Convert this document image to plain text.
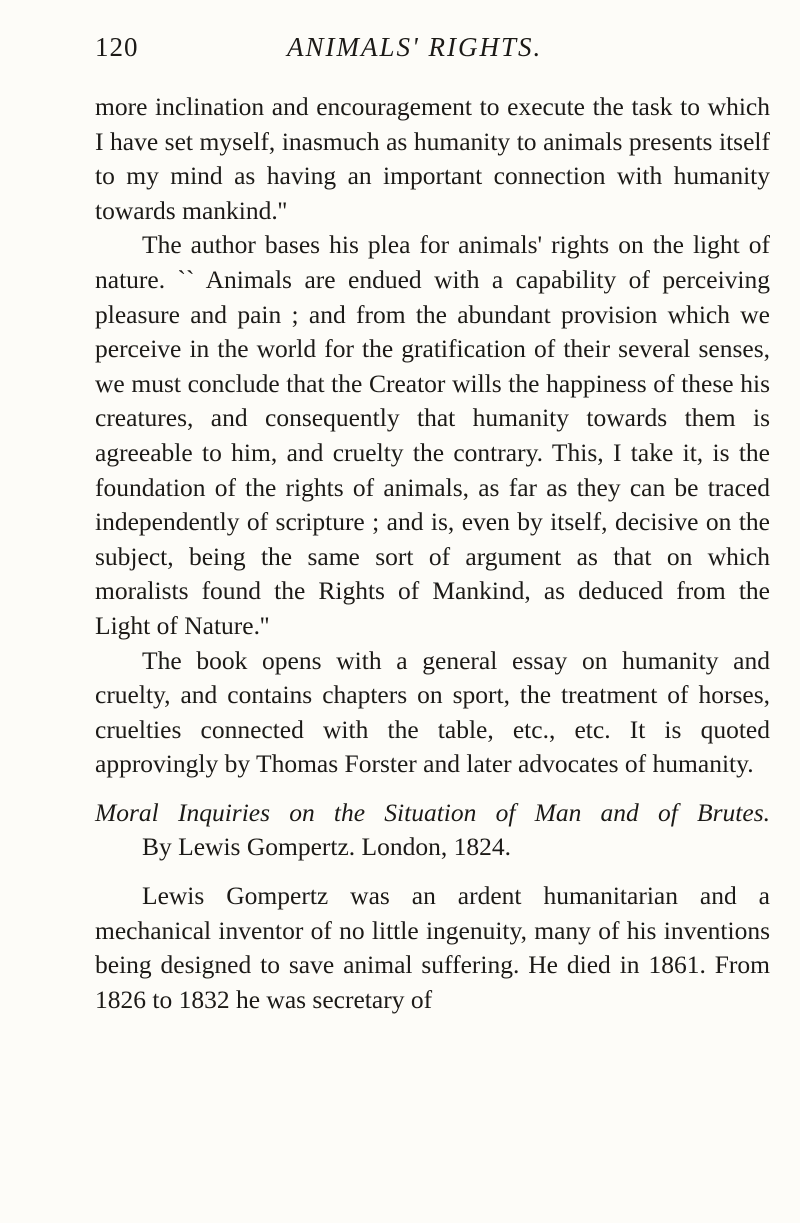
120	ANIMALS' RIGHTS.

more inclination and encouragement to execute the task to which I have set myself, inasmuch as humanity to animals presents itself to my mind as having an important connection with humanity towards mankind.''

The author bases his plea for animals' rights on the light of nature. `` Animals are endued with a capability of perceiving pleasure and pain ; and from the abundant provision which we perceive in the world for the gratification of their several senses, we must conclude that the Creator wills the happiness of these his creatures, and consequently that humanity towards them is agreeable to him, and cruelty the contrary. This, I take it, is the foundation of the rights of animals, as far as they can be traced independently of scripture ; and is, even by itself, decisive on the subject, being the same sort of argument as that on which moralists found the Rights of Mankind, as deduced from the Light of Nature.''

The book opens with a general essay on humanity and cruelty, and contains chapters on sport, the treatment of horses, cruelties connected with the table, etc., etc. It is quoted approvingly by Thomas Forster and later advocates of humanity.

Moral Inquiries on the Situation of Man and of Brutes.

By Lewis Gompertz. London, 1824.

Lewis Gompertz was an ardent humanitarian and a mechanical inventor of no little ingenuity, many of his inventions being designed to save animal suffering. He died in 1861. From 1826 to 1832 he was secretary of
